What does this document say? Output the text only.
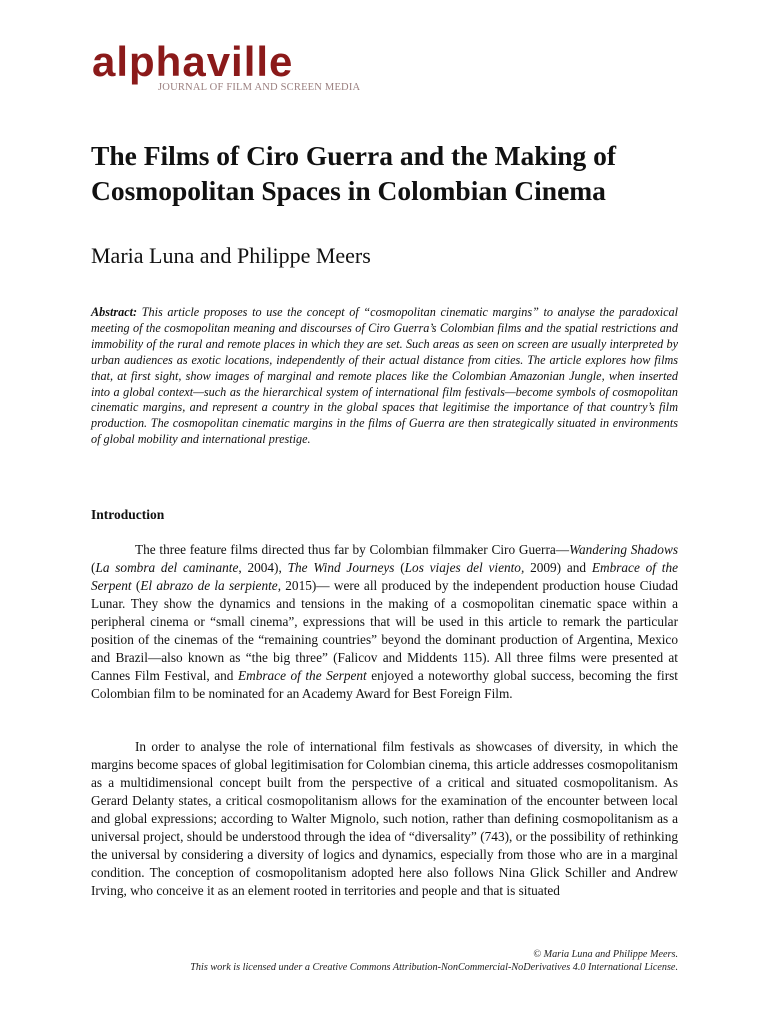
alphaville
JOURNAL OF FILM AND SCREEN MEDIA
The Films of Ciro Guerra and the Making of Cosmopolitan Spaces in Colombian Cinema

Maria Luna and Philippe Meers

Abstract: This article proposes to use the concept of “cosmopolitan cinematic margins” to analyse the paradoxical meeting of the cosmopolitan meaning and discourses of Ciro Guerra’s Colombian films and the spatial restrictions and immobility of the rural and remote places in which they are set. Such areas as seen on screen are usually interpreted by urban audiences as exotic locations, independently of their actual distance from cities. The article explores how films that, at first sight, show images of marginal and remote places like the Colombian Amazonian Jungle, when inserted into a global context—such as the hierarchical system of international film festivals—become symbols of cosmopolitan cinematic margins, and represent a country in the global spaces that legitimise the importance of that country’s film production. The cosmopolitan cinematic margins in the films of Guerra are then strategically situated in environments of global mobility and international prestige.

Introduction

The three feature films directed thus far by Colombian filmmaker Ciro Guerra—Wandering Shadows (La sombra del caminante, 2004), The Wind Journeys (Los viajes del viento, 2009) and Embrace of the Serpent (El abrazo de la serpiente, 2015)— were all produced by the independent production house Ciudad Lunar. They show the dynamics and tensions in the making of a cosmopolitan cinematic space within a peripheral cinema or “small cinema”, expressions that will be used in this article to remark the particular position of the cinemas of the “remaining countries” beyond the dominant production of Argentina, Mexico and Brazil—also known as “the big three” (Falicov and Middents 115). All three films were presented at Cannes Film Festival, and Embrace of the Serpent enjoyed a noteworthy global success, becoming the first Colombian film to be nominated for an Academy Award for Best Foreign Film.

In order to analyse the role of international film festivals as showcases of diversity, in which the margins become spaces of global legitimisation for Colombian cinema, this article addresses cosmopolitanism as a multidimensional concept built from the perspective of a critical and situated cosmopolitanism. As Gerard Delanty states, a critical cosmopolitanism allows for the examination of the encounter between local and global expressions; according to Walter Mignolo, such notion, rather than defining cosmopolitanism as a universal project, should be understood through the idea of “diversality” (743), or the possibility of rethinking the universal by considering a diversity of logics and dynamics, especially from those who are in a marginal condition. The conception of cosmopolitanism adopted here also follows Nina Glick Schiller and Andrew Irving, who conceive it as an element rooted in territories and people and that is situated

© Maria Luna and Philippe Meers.
This work is licensed under a Creative Commons Attribution-NonCommercial-NoDerivatives 4.0 International License.
